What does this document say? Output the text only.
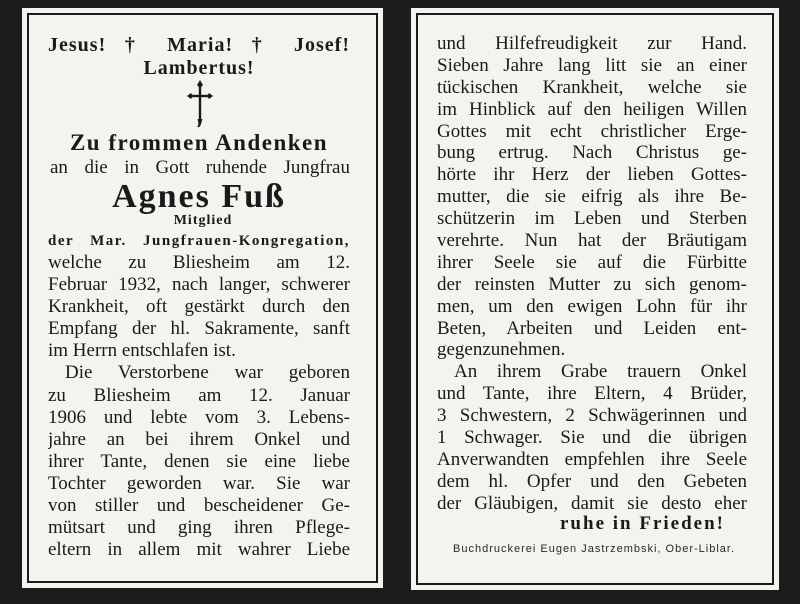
Jesus! † Maria! † Josef!
Lambertus!
Zu frommen Andenken
an die in Gott ruhende Jungfrau
Agnes Fuß
Mitglied
der Mar. Jungfrauen-Kongregation,
welche zu Bliesheim am 12.
Februar 1932, nach langer, schwerer
Krankheit, oft gestärkt durch den
Empfang der hl. Sakramente, sanft
im Herrn entschlafen ist.
Die Verstorbene war geboren
zu Bliesheim am 12. Januar
1906 und lebte vom 3. Lebens-
jahre an bei ihrem Onkel und
ihrer Tante, denen sie eine liebe
Tochter geworden war. Sie war
von stiller und bescheidener Ge-
mütsart und ging ihren Pflege-
eltern in allem mit wahrer Liebe
und Hilfefreudigkeit zur Hand.
Sieben Jahre lang litt sie an einer
tückischen Krankheit, welche sie
im Hinblick auf den heiligen Willen
Gottes mit echt christlicher Erge-
bung ertrug. Nach Christus ge-
hörte ihr Herz der lieben Gottes-
mutter, die sie eifrig als ihre Be-
schützerin im Leben und Sterben
verehrte. Nun hat der Bräutigam
ihrer Seele sie auf die Fürbitte
der reinsten Mutter zu sich genom-
men, um den ewigen Lohn für ihr
Beten, Arbeiten und Leiden ent-
gegenzunehmen.
An ihrem Grabe trauern Onkel
und Tante, ihre Eltern, 4 Brüder,
3 Schwestern, 2 Schwägerinnen und
1 Schwager. Sie und die übrigen
Anverwandten empfehlen ihre Seele
dem hl. Opfer und den Gebeten
der Gläubigen, damit sie desto eher
ruhe in Frieden!
Buchdruckerei Eugen Jastrzembski, Ober-Liblar.
